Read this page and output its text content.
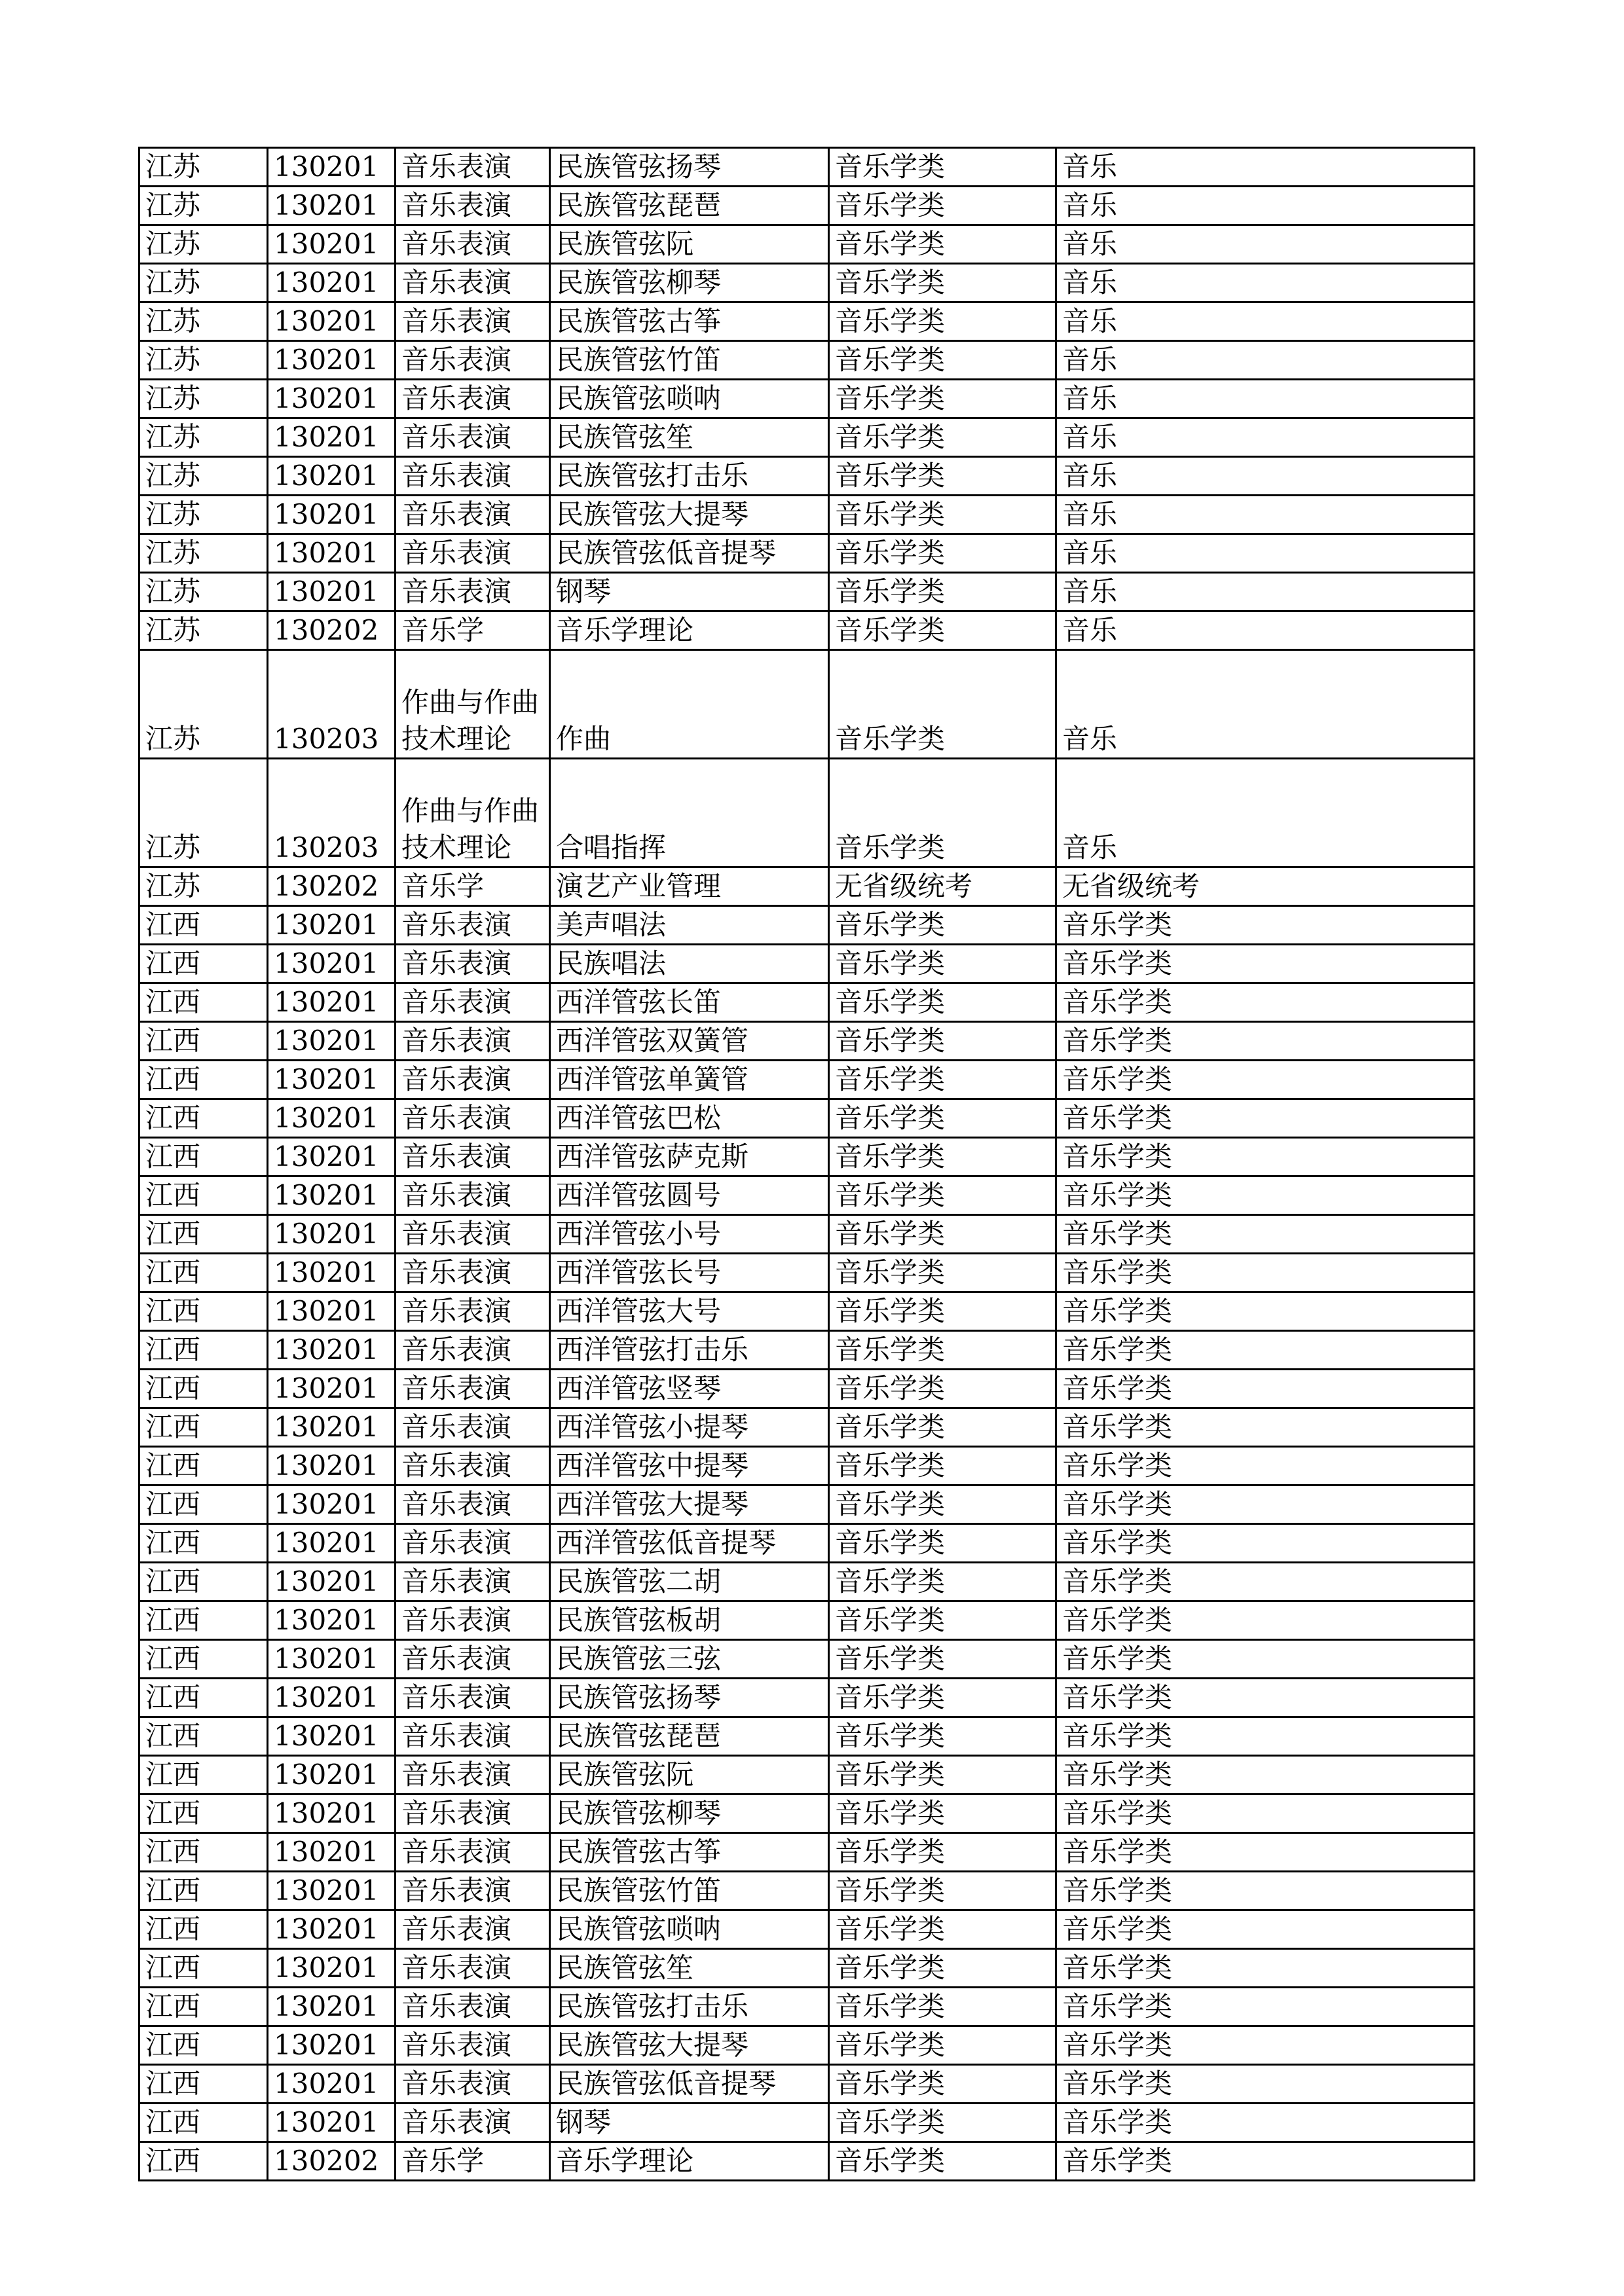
江苏	130201	音乐表演	民族管弦扬琴	音乐学类	音乐
江苏	130201	音乐表演	民族管弦琵琶	音乐学类	音乐
江苏	130201	音乐表演	民族管弦阮	音乐学类	音乐
江苏	130201	音乐表演	民族管弦柳琴	音乐学类	音乐
江苏	130201	音乐表演	民族管弦古筝	音乐学类	音乐
江苏	130201	音乐表演	民族管弦竹笛	音乐学类	音乐
江苏	130201	音乐表演	民族管弦唢呐	音乐学类	音乐
江苏	130201	音乐表演	民族管弦笙	音乐学类	音乐
江苏	130201	音乐表演	民族管弦打击乐	音乐学类	音乐
江苏	130201	音乐表演	民族管弦大提琴	音乐学类	音乐
江苏	130201	音乐表演	民族管弦低音提琴	音乐学类	音乐
江苏	130201	音乐表演	钢琴	音乐学类	音乐
江苏	130202	音乐学	音乐学理论	音乐学类	音乐
江苏	130203	作曲与作曲技术理论	作曲	音乐学类	音乐
江苏	130203	作曲与作曲技术理论	合唱指挥	音乐学类	音乐
江苏	130202	音乐学	演艺产业管理	无省级统考	无省级统考
江西	130201	音乐表演	美声唱法	音乐学类	音乐学类
江西	130201	音乐表演	民族唱法	音乐学类	音乐学类
江西	130201	音乐表演	西洋管弦长笛	音乐学类	音乐学类
江西	130201	音乐表演	西洋管弦双簧管	音乐学类	音乐学类
江西	130201	音乐表演	西洋管弦单簧管	音乐学类	音乐学类
江西	130201	音乐表演	西洋管弦巴松	音乐学类	音乐学类
江西	130201	音乐表演	西洋管弦萨克斯	音乐学类	音乐学类
江西	130201	音乐表演	西洋管弦圆号	音乐学类	音乐学类
江西	130201	音乐表演	西洋管弦小号	音乐学类	音乐学类
江西	130201	音乐表演	西洋管弦长号	音乐学类	音乐学类
江西	130201	音乐表演	西洋管弦大号	音乐学类	音乐学类
江西	130201	音乐表演	西洋管弦打击乐	音乐学类	音乐学类
江西	130201	音乐表演	西洋管弦竖琴	音乐学类	音乐学类
江西	130201	音乐表演	西洋管弦小提琴	音乐学类	音乐学类
江西	130201	音乐表演	西洋管弦中提琴	音乐学类	音乐学类
江西	130201	音乐表演	西洋管弦大提琴	音乐学类	音乐学类
江西	130201	音乐表演	西洋管弦低音提琴	音乐学类	音乐学类
江西	130201	音乐表演	民族管弦二胡	音乐学类	音乐学类
江西	130201	音乐表演	民族管弦板胡	音乐学类	音乐学类
江西	130201	音乐表演	民族管弦三弦	音乐学类	音乐学类
江西	130201	音乐表演	民族管弦扬琴	音乐学类	音乐学类
江西	130201	音乐表演	民族管弦琵琶	音乐学类	音乐学类
江西	130201	音乐表演	民族管弦阮	音乐学类	音乐学类
江西	130201	音乐表演	民族管弦柳琴	音乐学类	音乐学类
江西	130201	音乐表演	民族管弦古筝	音乐学类	音乐学类
江西	130201	音乐表演	民族管弦竹笛	音乐学类	音乐学类
江西	130201	音乐表演	民族管弦唢呐	音乐学类	音乐学类
江西	130201	音乐表演	民族管弦笙	音乐学类	音乐学类
江西	130201	音乐表演	民族管弦打击乐	音乐学类	音乐学类
江西	130201	音乐表演	民族管弦大提琴	音乐学类	音乐学类
江西	130201	音乐表演	民族管弦低音提琴	音乐学类	音乐学类
江西	130201	音乐表演	钢琴	音乐学类	音乐学类
江西	130202	音乐学	音乐学理论	音乐学类	音乐学类
